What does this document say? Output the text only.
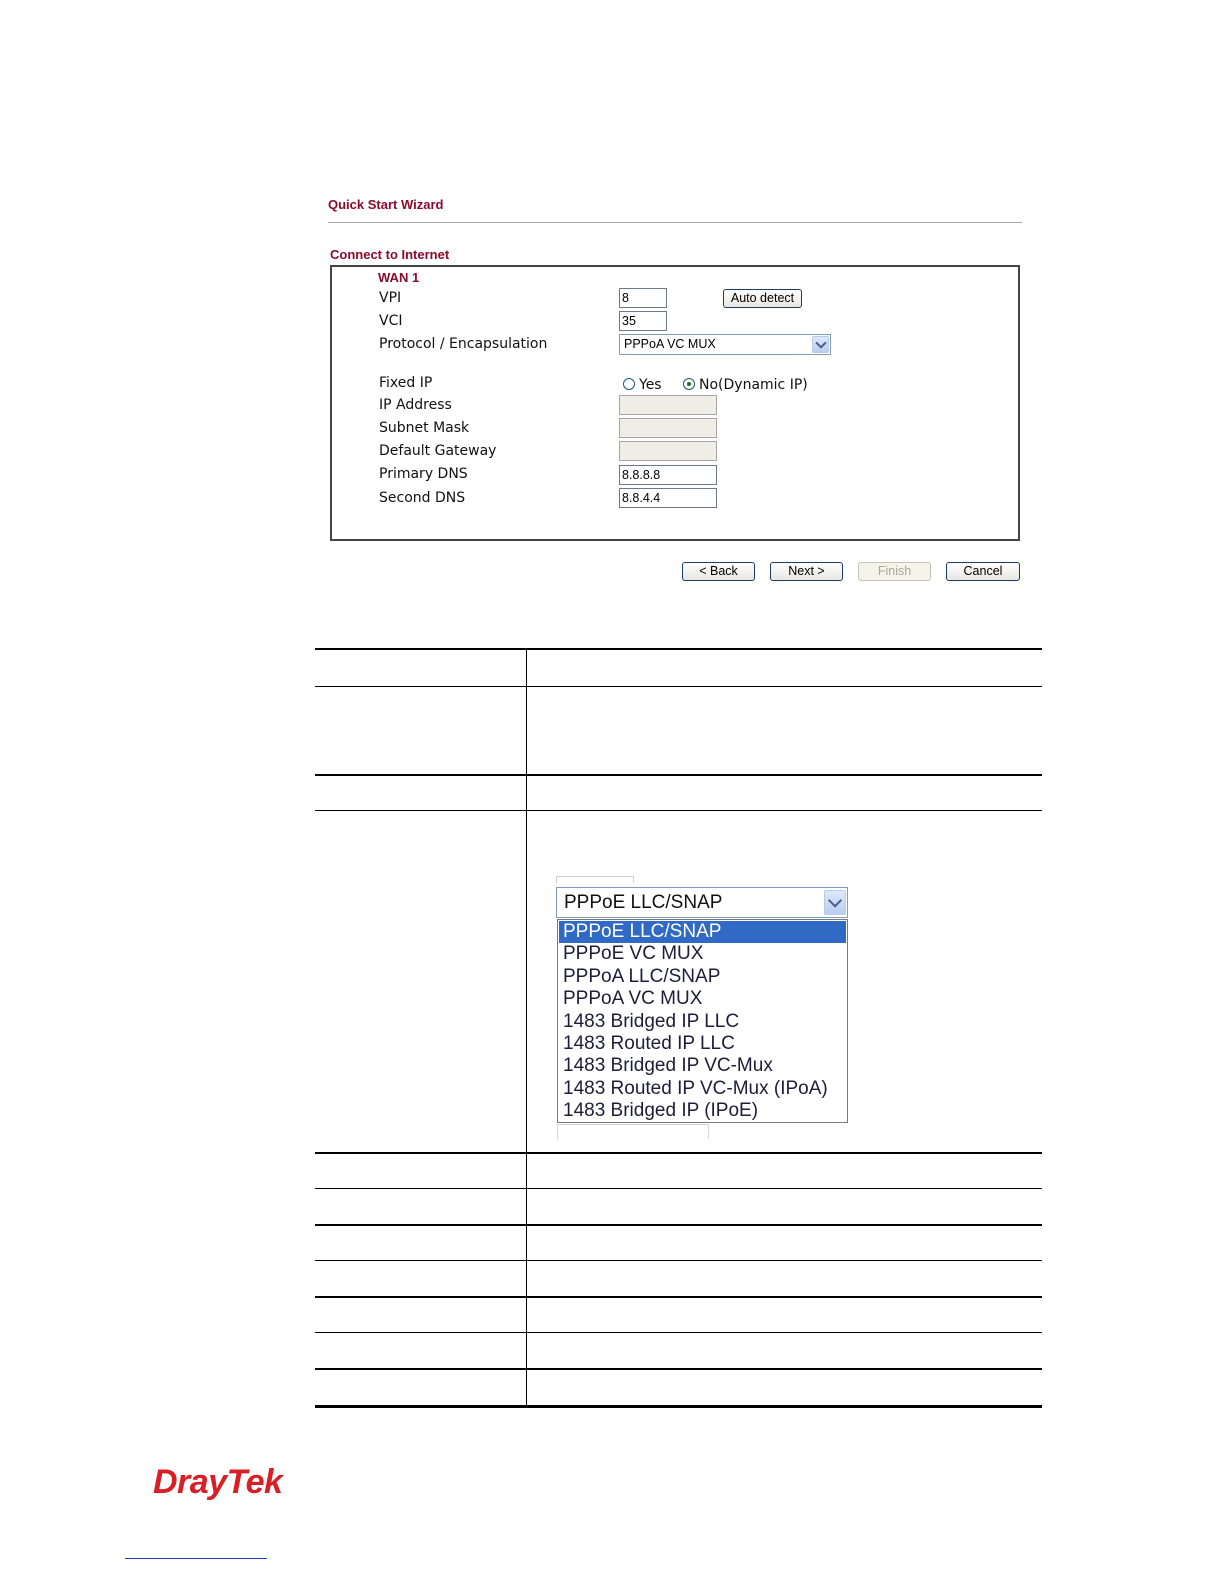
Quick Start Wizard
Connect to Internet
WAN 1
VPI	8	Auto detect
VCI	35
Protocol / Encapsulation	PPPoA VC MUX
Fixed IP	Yes	No(Dynamic IP)
IP Address
Subnet Mask
Default Gateway
Primary DNS	8.8.8.8
Second DNS	8.8.4.4
< Back	Next >	Finish	Cancel
PPPoE LLC/SNAP
PPPoE LLC/SNAP
PPPoE VC MUX
PPPoA LLC/SNAP
PPPoA VC MUX
1483 Bridged IP LLC
1483 Routed IP LLC
1483 Bridged IP VC-Mux
1483 Routed IP VC-Mux (IPoA)
1483 Bridged IP (IPoE)
DrayTek
